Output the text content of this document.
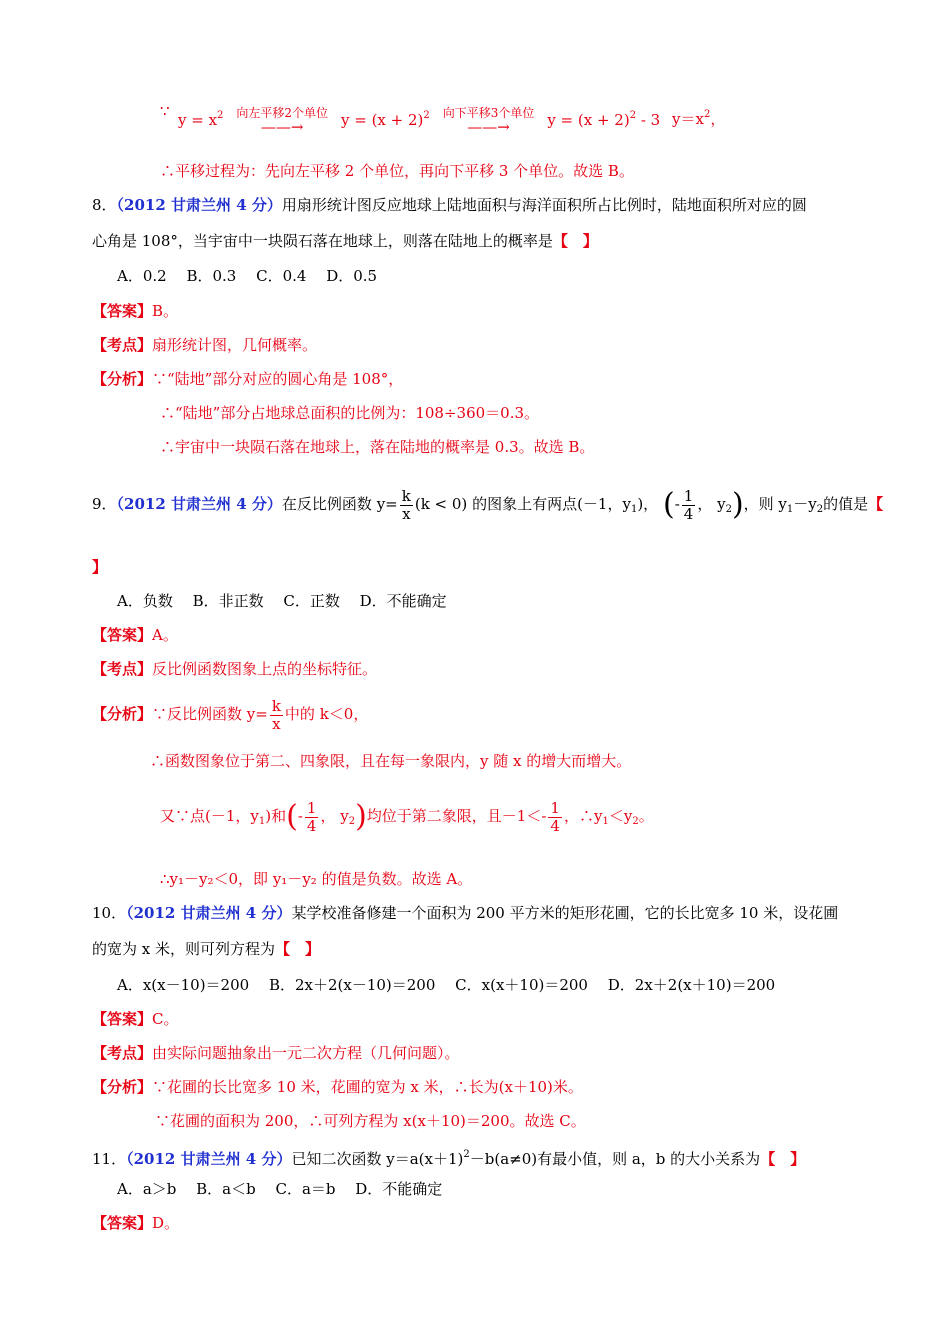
∵ $y = x^2$	向左平移2个单位
——→	$y = (x + 2)^2$	向下平移3个单位
——→	$y = (x + 2)^2 - 3$ $y=x^2$，
∴平移过程为：先向左平移 2 个单位，再向下平移 3 个单位。故选 B。
8．（2012 甘肃兰州 4 分）用扇形统计图反应地球上陆地面积与海洋面积所占比例时，陆地面积所对应的圆
心角是 108°，当宇宙中一块陨石落在地球上，则落在陆地上的概率是【　】
A．0.2　 B．0.3　 C．0.4　 D．0.5
【答案】B。
【考点】扇形统计图，几何概率。
【分析】∵“陆地”部分对应的圆心角是 108°，
∴“陆地”部分占地球总面积的比例为：108÷360＝0.3。
∴宇宙中一块陨石落在地球上，落在陆地的概率是 0.3。故选 B。
9．（2012 甘肃兰州 4 分）在反比例函数 $y= \frac{k}{x} (k < 0)$ 的图象上有两点(－1，$y_1$)， (- $\frac{1}{4}$ ， $y_2$)，则 $y_1-y_2$的值是【
】
A．负数　 B．非正数　 C．正数　 D．不能确定
【答案】A。
【考点】反比例函数图象上点的坐标特征。
【分析】∵反比例函数 $y= \frac{k}{x}$ 中的 k＜0，
∴函数图象位于第二、四象限，且在每一象限内，y 随 x 的增大而增大。
又∵点(－1，$y_1$)和(- $\frac{1}{4}$ ， $y_2$)均位于第二象限，且$-1<- \frac{1}{4}$ ，$\therefore y_1<y_2$。
∴y₁－y₂＜0，即 y₁－y₂ 的值是负数。故选 A。
10．（2012 甘肃兰州 4 分）某学校准备修建一个面积为 200 平方米的矩形花圃，它的长比宽多 10 米，设花圃
的宽为 x 米，则可列方程为【　】
A．x(x－10)＝200　 B．2x＋2(x－10)＝200　 C．x(x＋10)＝200　 D．2x＋2(x＋10)＝200
【答案】C。
【考点】由实际问题抽象出一元二次方程（几何问题）。
【分析】∵花圃的长比宽多 10 米，花圃的宽为 x 米，∴长为(x＋10)米。
∵花圃的面积为 200，∴可列方程为 x(x＋10)＝200。故选 C。
11．（2012 甘肃兰州 4 分）已知二次函数 $y=a(x+1)^2-b(a\ne 0)$有最小值，则 a，b 的大小关系为【　】
A．a＞b　 B．a＜b　 C．a＝b　 D．不能确定
【答案】D。
